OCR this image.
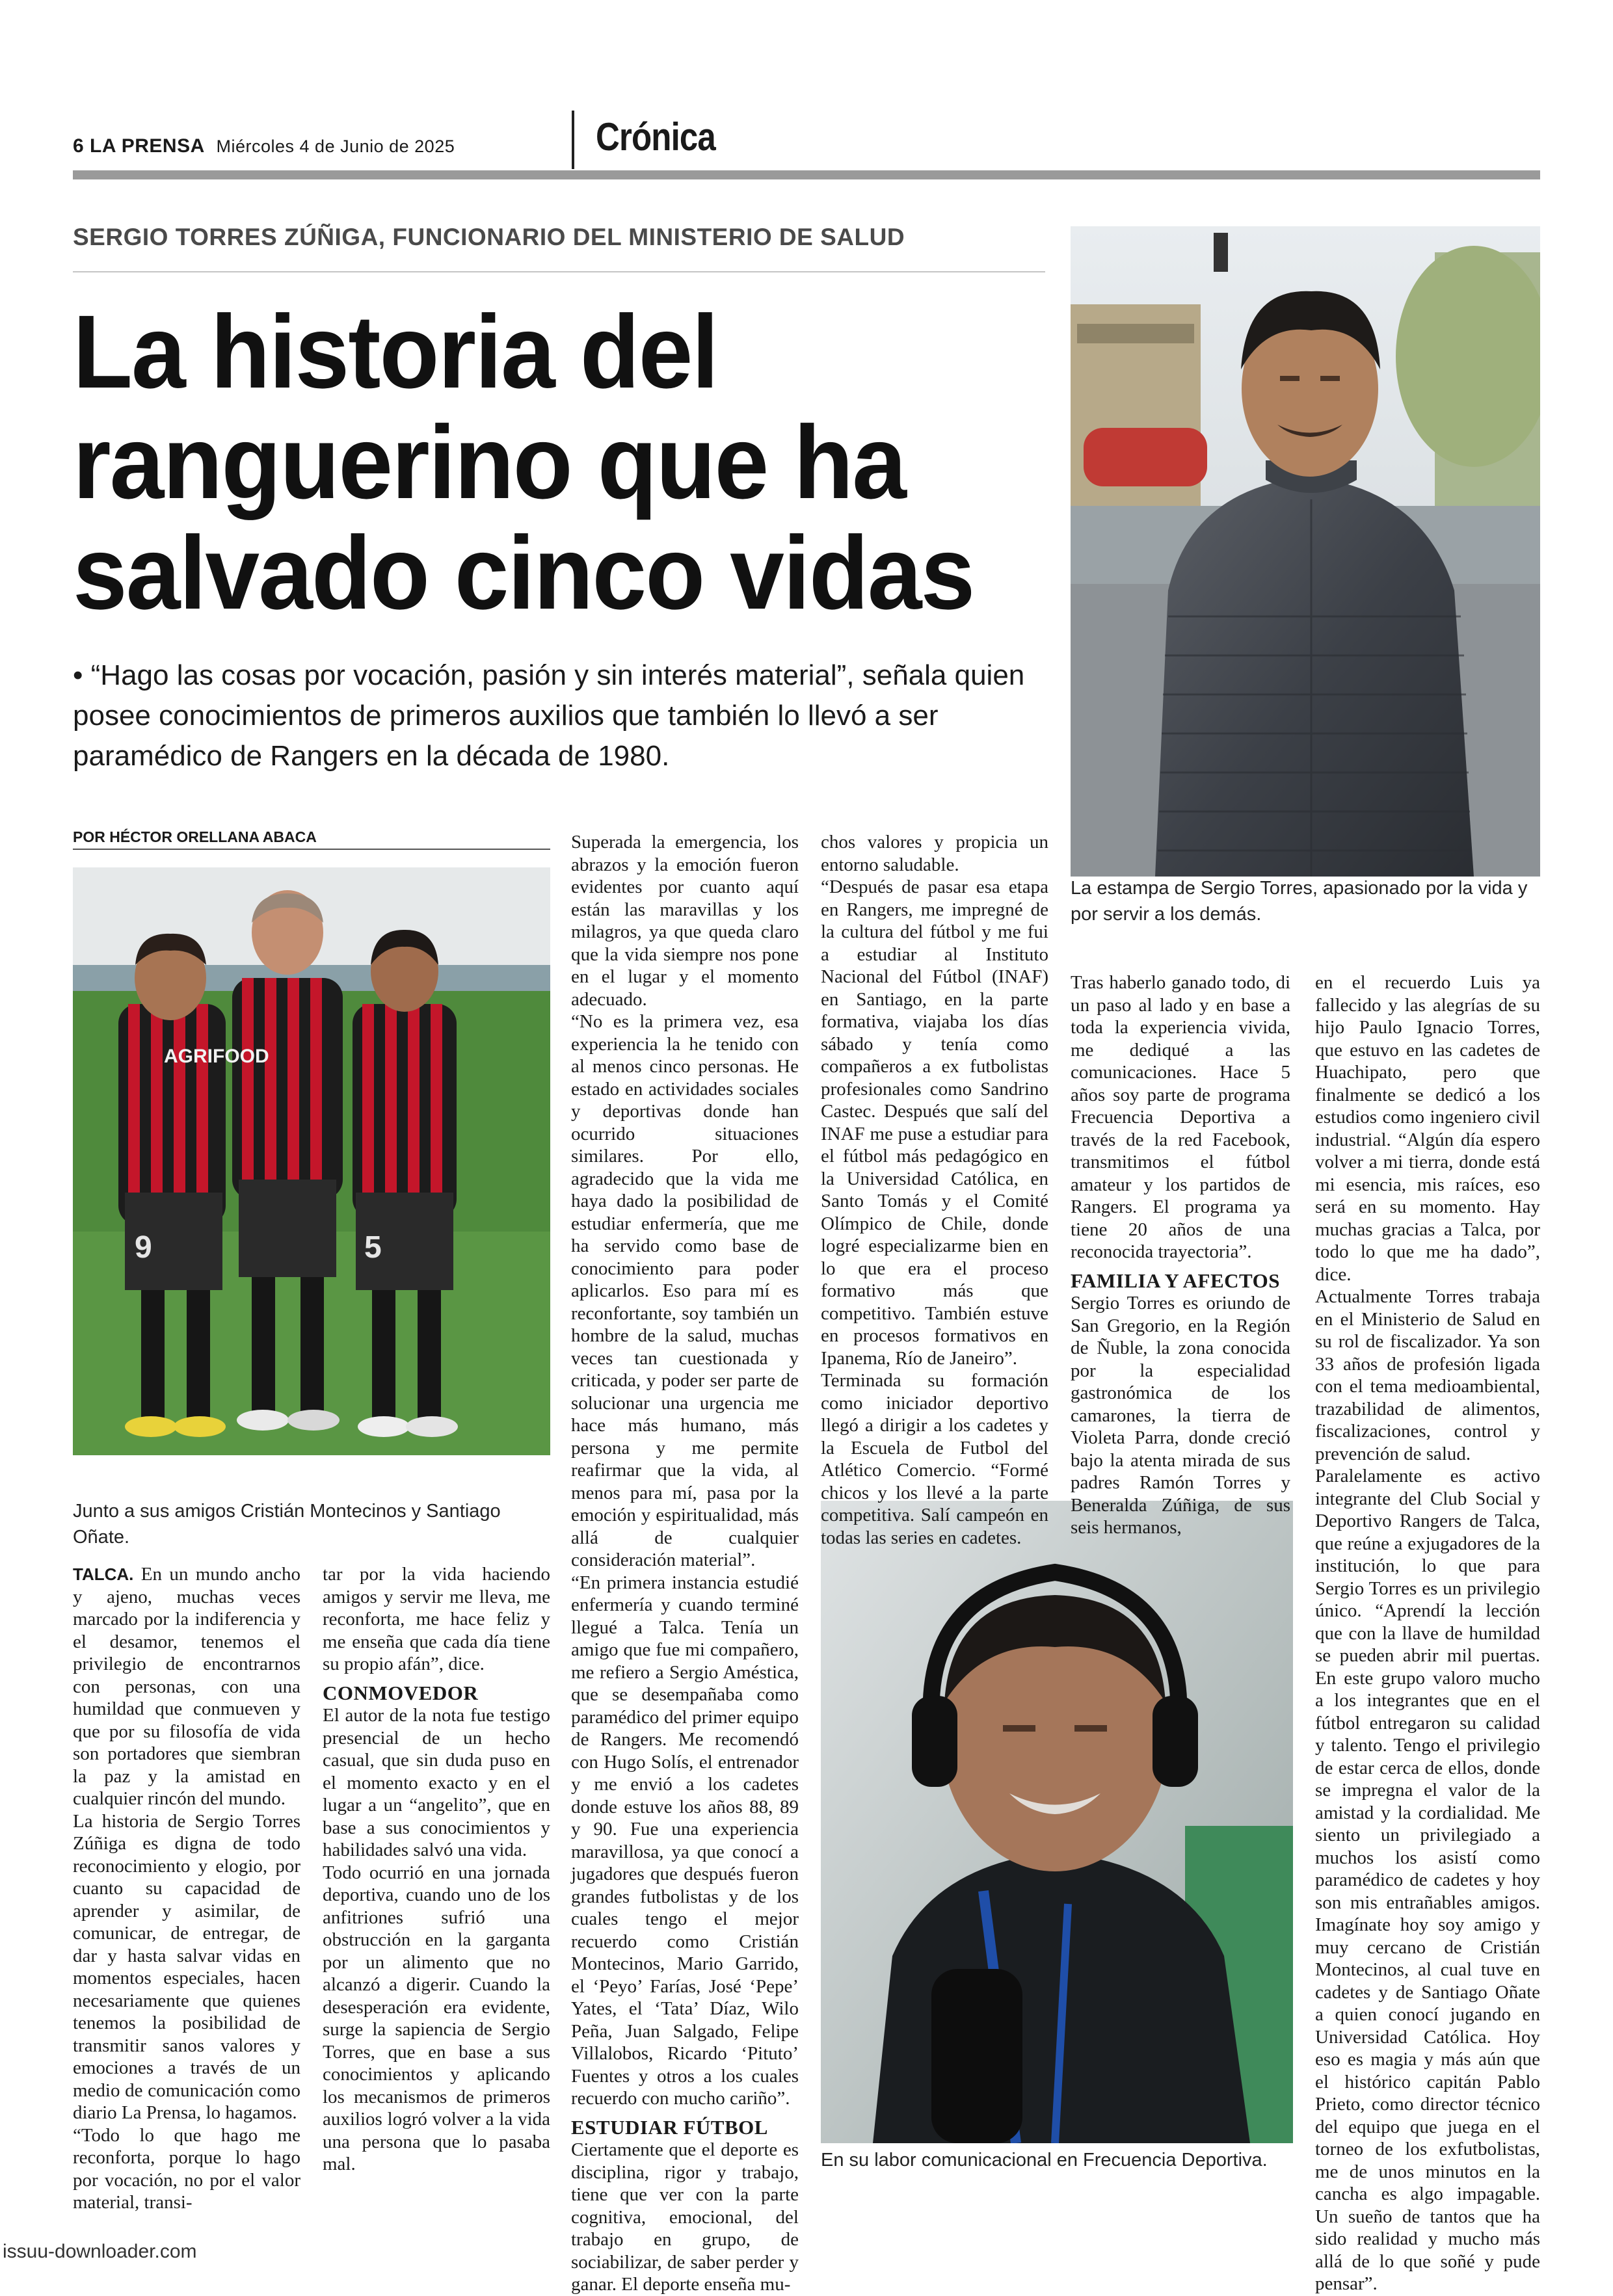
6 LA PRENSA Miércoles 4 de Junio de 2025	Crónica
SERGIO TORRES ZÚÑIGA, FUNCIONARIO DEL MINISTERIO DE SALUD
La historia del ranguerino que ha salvado cinco vidas
• “Hago las cosas por vocación, pasión y sin interés material”, señala quien posee conocimientos de primeros auxilios que también lo llevó a ser paramédico de Rangers en la década de 1980.
POR HÉCTOR ORELLANA ABACA
La estampa de Sergio Torres, apasionado por la vida y por servir a los demás.
9	5
AGRIFOOD
Junto a sus amigos Cristián Montecinos y Santiago Oñate.
En su labor comunicacional en Frecuencia Deportiva.

TALCA. En un mundo ancho y ajeno, muchas veces marcado por la indiferencia y el desamor, tenemos el privilegio de encontrarnos con personas, con una humildad que conmueven y que por su filosofía de vida son portadores que siembran la paz y la amistad en cualquier rincón del mundo.

La historia de Sergio Torres Zúñiga es digna de todo reconocimiento y elogio, por cuanto su capacidad de aprender y asimilar, de comunicar, de entregar, de dar y hasta salvar vidas en momentos especiales, hacen necesariamente que quienes tenemos la posibilidad de transmitir sanos valores y emociones a través de un medio de comunicación como diario La Prensa, lo hagamos.

“Todo lo que hago me reconforta, porque lo hago por vocación, no por el valor material, transi-

tar por la vida haciendo amigos y servir me lleva, me reconforta, me hace feliz y me enseña que cada día tiene su propio afán”, dice.

CONMOVEDOR

El autor de la nota fue testigo presencial de un hecho casual, que sin duda puso en el momento exacto y en el lugar a un “angelito”, que en base a sus conocimientos y habilidades salvó una vida.

Todo ocurrió en una jornada deportiva, cuando uno de los anfitriones sufrió una obstrucción en la garganta por un alimento que no alcanzó a digerir. Cuando la desesperación era evidente, surge la sapiencia de Sergio Torres, que en base a sus conocimientos y aplicando los mecanismos de primeros auxilios logró volver a la vida una persona que lo pasaba mal.

Superada la emergencia, los abrazos y la emoción fueron evidentes por cuanto aquí están las maravillas y los milagros, ya que queda claro que la vida siempre nos pone en el lugar y el momento adecuado.

“No es la primera vez, esa experiencia la he tenido con al menos cinco personas. He estado en actividades sociales y deportivas donde han ocurrido situaciones similares. Por ello, agradecido que la vida me haya dado la posibilidad de estudiar enfermería, que me ha servido como base de conocimiento para poder aplicarlos. Eso para mí es reconfortante, soy también un hombre de la salud, muchas veces tan cuestionada y criticada, y poder ser parte de solucionar una urgencia me hace más humano, más persona y me permite reafirmar que la vida, al menos para mí, pasa por la emoción y espiritualidad, más allá de cualquier consideración material”.

“En primera instancia estudié enfermería y cuando terminé llegué a Talca. Tenía un amigo que fue mi compañero, me refiero a Sergio Améstica, que se desempañaba como paramédico del primer equipo de Rangers. Me recomendó con Hugo Solís, el entrenador y me envió a los cadetes donde estuve los años 88, 89 y 90. Fue una experiencia maravillosa, ya que conocí a jugadores que después fueron grandes futbolistas y de los cuales tengo el mejor recuerdo como Cristián Montecinos, Mario Garrido, el ‘Peyo’ Farías, José ‘Pepe’ Yates, el ‘Tata’ Díaz, Wilo Peña, Juan Salgado, Felipe Villalobos, Ricardo ‘Pituto’ Fuentes y otros a los cuales recuerdo con mucho cariño”.

ESTUDIAR FÚTBOL

Ciertamente que el deporte es disciplina, rigor y trabajo, tiene que ver con la parte cognitiva, emocional, del trabajo en grupo, de sociabilizar, de saber perder y ganar. El deporte enseña mu-

chos valores y propicia un entorno saludable.

“Después de pasar esa etapa en Rangers, me impregné de la cultura del fútbol y me fui a estudiar al Instituto Nacional del Fútbol (INAF) en Santiago, en la parte formativa, viajaba los días sábado y tenía como compañeros a ex futbolistas profesionales como Sandrino Castec. Después que salí del INAF me puse a estudiar para el fútbol más pedagógico en la Universidad Católica, en Santo Tomás y el Comité Olímpico de Chile, donde logré especializarme bien en lo que era el proceso formativo más que competitivo. También estuve en procesos formativos en Ipanema, Río de Janeiro”.

Terminada su formación como iniciador deportivo llegó a dirigir a los cadetes y la Escuela de Futbol del Atlético Comercio. “Formé chicos y los llevé a la parte competitiva. Salí campeón en todas las series en cadetes.

Tras haberlo ganado todo, di un paso al lado y en base a toda la experiencia vivida, me dediqué a las comunicaciones. Hace 5 años soy parte de programa Frecuencia Deportiva a través de la red Facebook, transmitimos el fútbol amateur y los partidos de Rangers. El programa ya tiene 20 años de una reconocida trayectoria”.

FAMILIA Y AFECTOS

Sergio Torres es oriundo de San Gregorio, en la Región de Ñuble, la zona conocida por la especialidad gastronómica de los camarones, la tierra de Violeta Parra, donde creció bajo la atenta mirada de sus padres Ramón Torres y Beneralda Zúñiga, de sus seis hermanos,

en el recuerdo Luis ya fallecido y las alegrías de su hijo Paulo Ignacio Torres, que estuvo en las cadetes de Huachipato, pero que finalmente se dedicó a los estudios como ingeniero civil industrial. “Algún día espero volver a mi tierra, donde está mi esencia, mis raíces, eso será en su momento. Hay muchas gracias a Talca, por todo lo que me ha dado”, dice.

Actualmente Torres trabaja en el Ministerio de Salud en su rol de fiscalizador. Ya son 33 años de profesión ligada con el tema medioambiental, trazabilidad de alimentos, fiscalizaciones, control y prevención de salud.

Paralelamente es activo integrante del Club Social y Deportivo Rangers de Talca, que reúne a exjugadores de la institución, lo que para Sergio Torres es un privilegio único. “Aprendí la lección que con la llave de humildad se pueden abrir mil puertas. En este grupo valoro mucho a los integrantes que en el fútbol entregaron su calidad y talento. Tengo el privilegio de estar cerca de ellos, donde se impregna el valor de la amistad y la cordialidad. Me siento un privilegiado a muchos los asistí como paramédico de cadetes y hoy son mis entrañables amigos. Imagínate hoy soy amigo y muy cercano de Cristián Montecinos, al cual tuve en cadetes y de Santiago Oñate a quien conocí jugando en Universidad Católica. Hoy eso es magia y más aún que el histórico capitán Pablo Prieto, como director técnico del equipo que juega en el torneo de los exfutbolistas, me de unos minutos en la cancha es algo impagable. Un sueño de tantos que ha sido realidad y mucho más allá de lo que soñé y pude pensar”.

issuu-downloader.com
